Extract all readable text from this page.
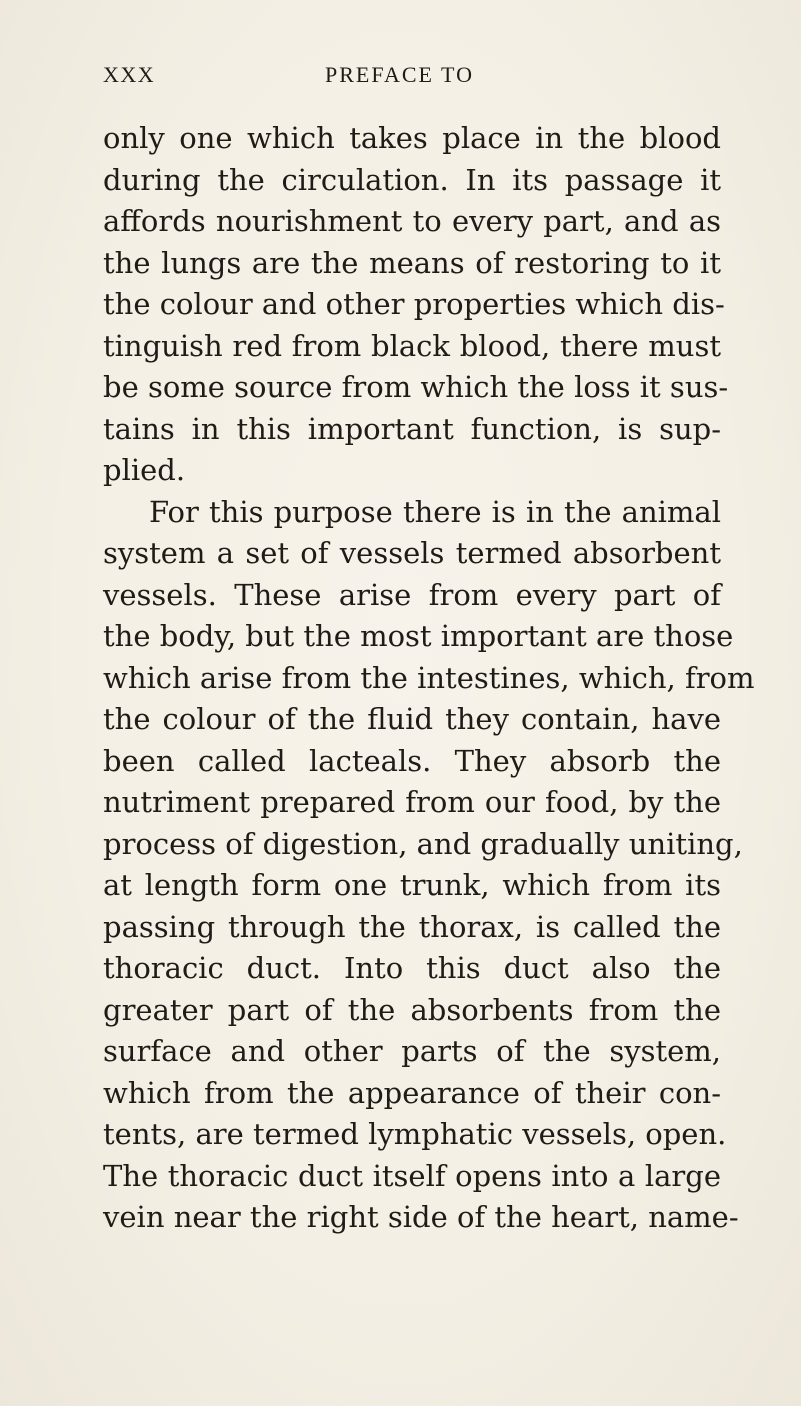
XXX	PREFACE TO
only one which takes place in the blood
during the circulation. In its passage it
affords nourishment to every part, and as
the lungs are the means of restoring to it
the colour and other properties which dis-
tinguish red from black blood, there must
be some source from which the loss it sus-
tains in this important function, is sup-
plied.
For this purpose there is in the animal
system a set of vessels termed absorbent
vessels. These arise from every part of
the body, but the most important are those
which arise from the intestines, which, from
the colour of the fluid they contain, have
been called lacteals. They absorb the
nutriment prepared from our food, by the
process of digestion, and gradually uniting,
at length form one trunk, which from its
passing through the thorax, is called the
thoracic duct. Into this duct also the
greater part of the absorbents from the
surface and other parts of the system,
which from the appearance of their con-
tents, are termed lymphatic vessels, open.
The thoracic duct itself opens into a large
vein near the right side of the heart, name-
